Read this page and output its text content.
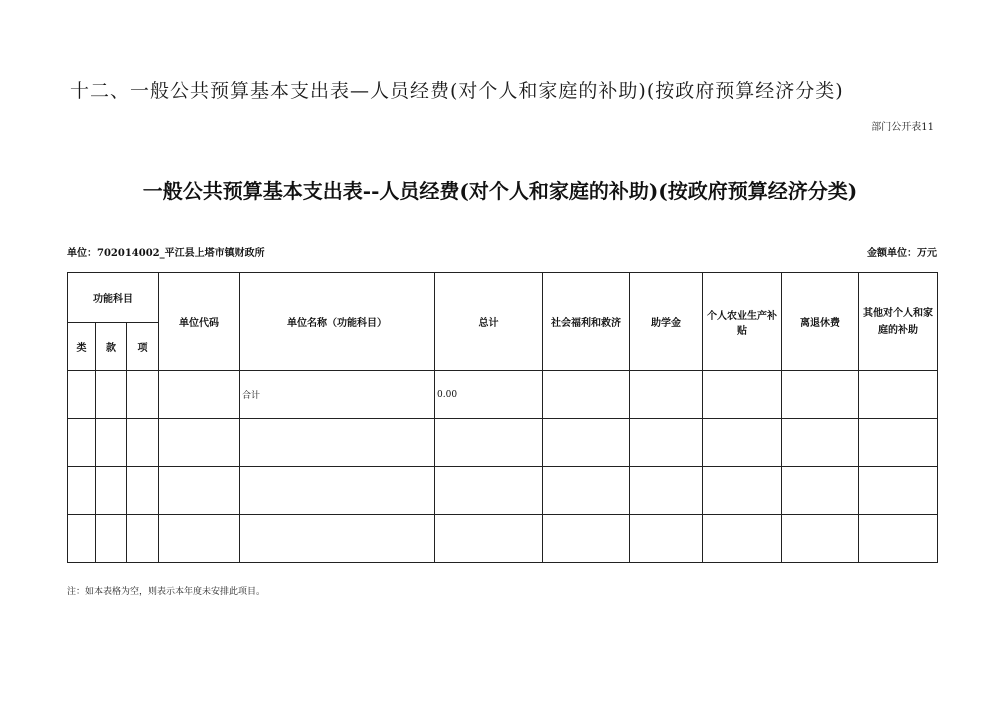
十二、一般公共预算基本支出表—人员经费(对个人和家庭的补助)(按政府预算经济分类)
部门公开表11
一般公共预算基本支出表--人员经费(对个人和家庭的补助)(按政府预算经济分类)
单位：702014002_平江县上塔市镇财政所	金额单位：万元
功能科目			单位代码	单位名称（功能科目）	总计	社会福利和救济	助学金	个人农业生产补贴	离退休费	其他对个人和家庭的补助
类	款	项								
				合计	0.00					

注：如本表格为空，则表示本年度未安排此项目。
